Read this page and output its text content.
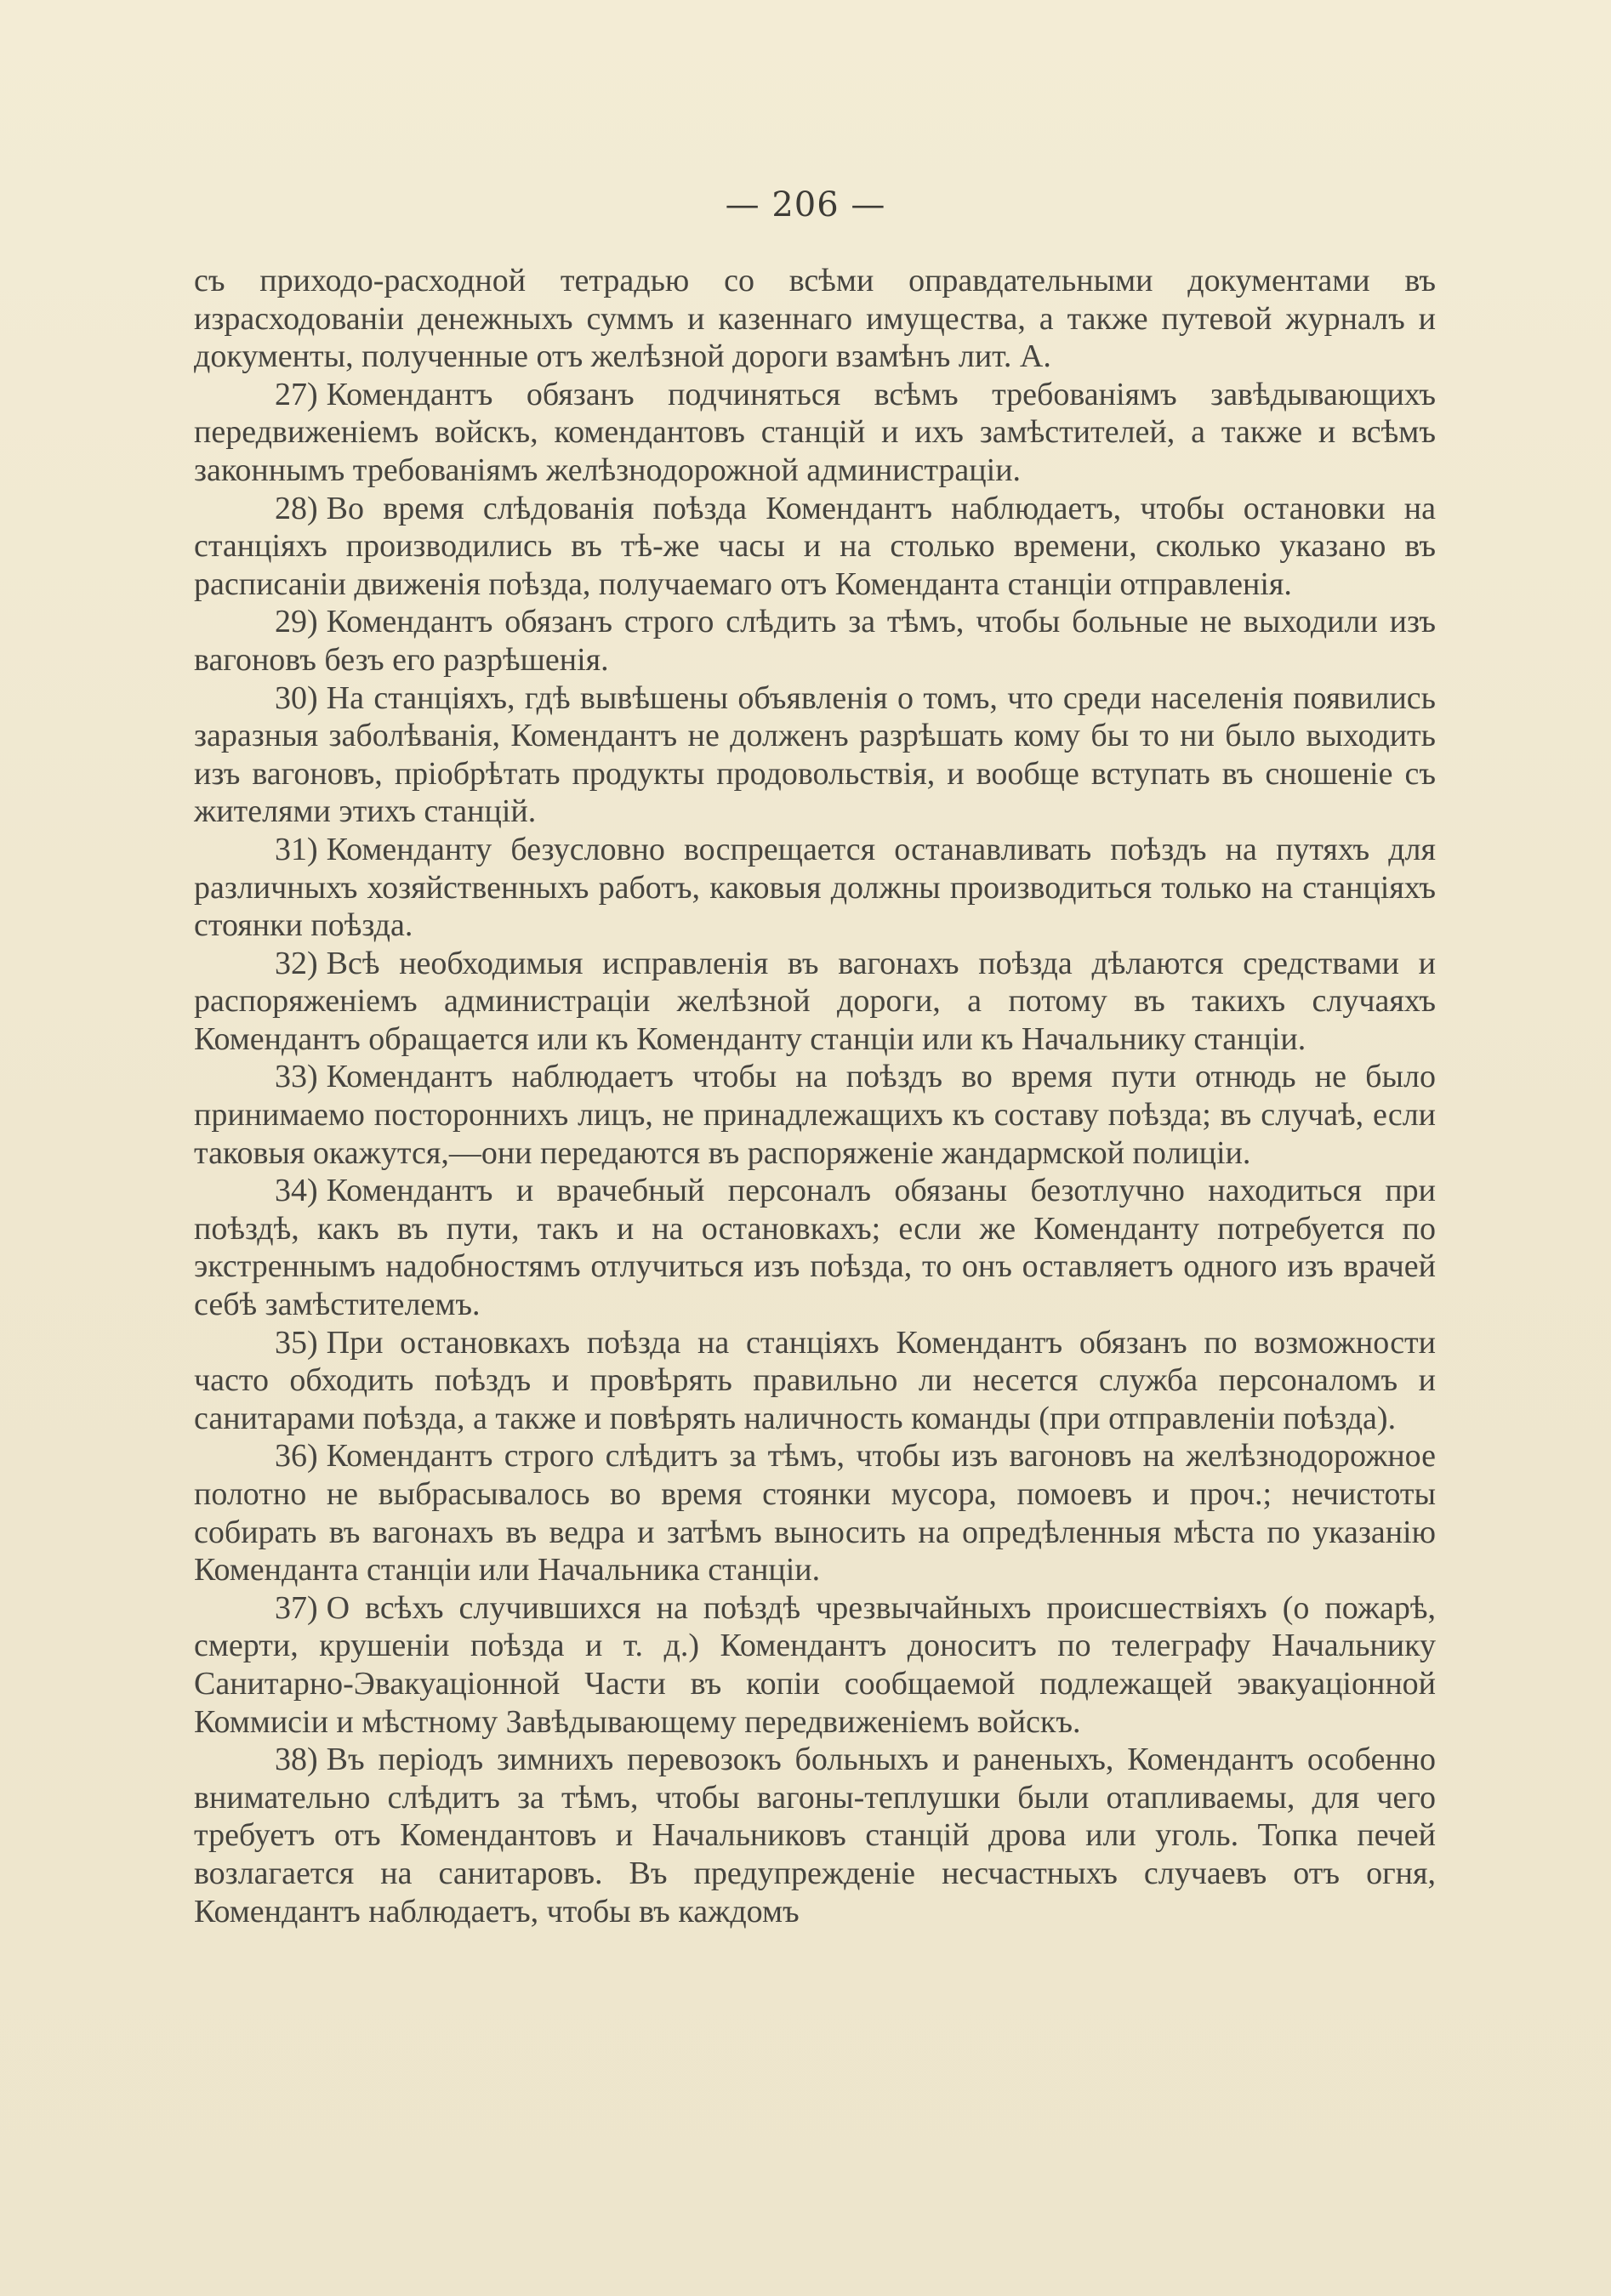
— 206 —

съ приходо-расходной тетрадью со всѣми оправдательными документами въ израсходованіи денежныхъ суммъ и казеннаго имущества, а также путевой журналъ и документы, полученные отъ желѣзной дороги взамѣнъ лит. А.

27) Комендантъ обязанъ подчиняться всѣмъ требованіямъ завѣдывающихъ передвиженіемъ войскъ, комендантовъ станцій и ихъ замѣстителей, а также и всѣмъ законнымъ требованіямъ желѣзнодорожной администраціи.

28) Во время слѣдованія поѣзда Комендантъ наблюдаетъ, чтобы остановки на станціяхъ производились въ тѣ-же часы и на столько времени, сколько указано въ расписаніи движенія поѣзда, получаемаго отъ Коменданта станціи отправленія.

29) Комендантъ обязанъ строго слѣдить за тѣмъ, чтобы больные не выходили изъ вагоновъ безъ его разрѣшенія.

30) На станціяхъ, гдѣ вывѣшены объявленія о томъ, что среди населенія появились заразныя заболѣванія, Комендантъ не долженъ разрѣшать кому бы то ни было выходить изъ вагоновъ, пріобрѣтать продукты продовольствія, и вообще вступать въ сношеніе съ жителями этихъ станцій.

31) Коменданту безусловно воспрещается останавливать поѣздъ на путяхъ для различныхъ хозяйственныхъ работъ, каковыя должны производиться только на станціяхъ стоянки поѣзда.

32) Всѣ необходимыя исправленія въ вагонахъ поѣзда дѣлаются средствами и распоряженіемъ администраціи желѣзной дороги, а потому въ такихъ случаяхъ Комендантъ обращается или къ Коменданту станціи или къ Начальнику станціи.

33) Комендантъ наблюдаетъ чтобы на поѣздъ во время пути отнюдь не было принимаемо постороннихъ лицъ, не принадлежащихъ къ составу поѣзда; въ случаѣ, если таковыя окажутся,—они передаются въ распоряженіе жандармской полиціи.

34) Комендантъ и врачебный персоналъ обязаны безотлучно находиться при поѣздѣ, какъ въ пути, такъ и на остановкахъ; если же Коменданту потребуется по экстреннымъ надобностямъ отлучиться изъ поѣзда, то онъ оставляетъ одного изъ врачей себѣ замѣстителемъ.

35) При остановкахъ поѣзда на станціяхъ Комендантъ обязанъ по возможности часто обходить поѣздъ и провѣрять правильно ли несется служба персоналомъ и санитарами поѣзда, а также и повѣрять наличность команды (при отправленіи поѣзда).

36) Комендантъ строго слѣдитъ за тѣмъ, чтобы изъ вагоновъ на желѣзнодорожное полотно не выбрасывалось во время стоянки мусора, помоевъ и проч.; нечистоты собирать въ вагонахъ въ ведра и затѣмъ выносить на опредѣленныя мѣста по указанію Коменданта станціи или Начальника станціи.

37) О всѣхъ случившихся на поѣздѣ чрезвычайныхъ происшествіяхъ (о пожарѣ, смерти, крушеніи поѣзда и т. д.) Комендантъ доноситъ по телеграфу Начальнику Санитарно-Эвакуаціонной Части въ копіи сообщаемой подлежащей эвакуаціонной Коммисіи и мѣстному Завѣдывающему передвиженіемъ войскъ.

38) Въ періодъ зимнихъ перевозокъ больныхъ и раненыхъ, Комендантъ особенно внимательно слѣдитъ за тѣмъ, чтобы вагоны-теплушки были отапливаемы, для чего требуетъ отъ Комендантовъ и Начальниковъ станцій дрова или уголь. Топка печей возлагается на санитаровъ. Въ предупрежденіе несчастныхъ случаевъ отъ огня, Комендантъ наблюдаетъ, чтобы въ каждомъ
